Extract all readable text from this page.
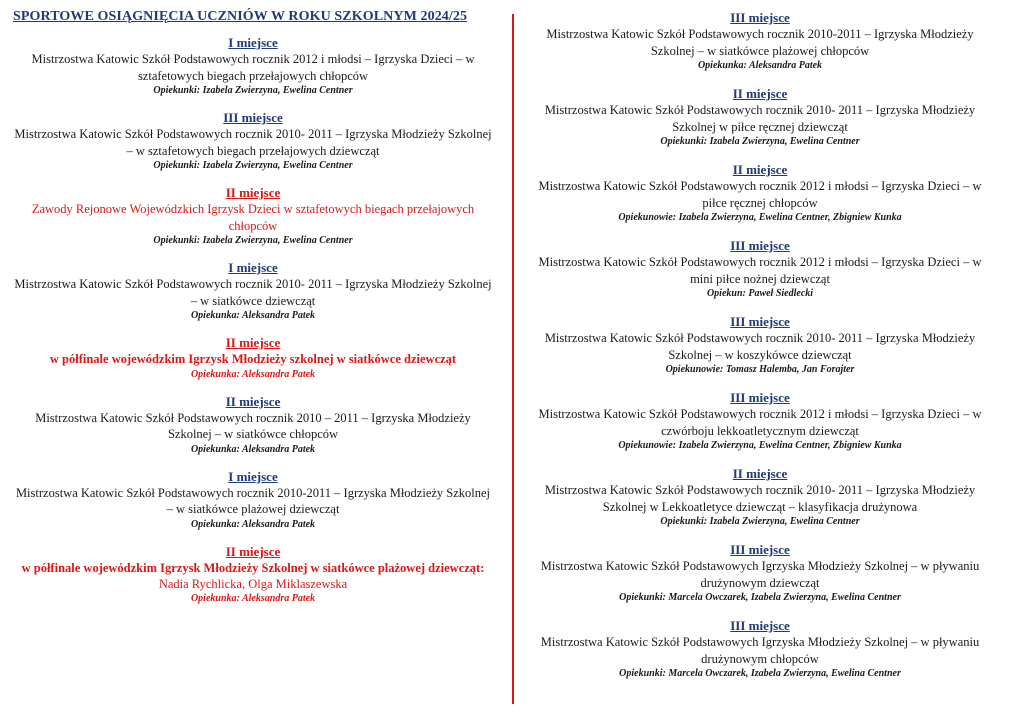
SPORTOWE OSIĄGNIĘCIA UCZNIÓW W ROKU SZKOLNYM 2024/25
I miejsce
Mistrzostwa Katowic Szkół Podstawowych rocznik 2012 i młodsi – Igrzyska Dzieci – w sztafetowych biegach przełajowych chłopców
Opiekunki: Izabela Zwierzyna, Ewelina Centner
III miejsce
Mistrzostwa Katowic Szkół Podstawowych rocznik 2010- 2011 – Igrzyska Młodzieży Szkolnej – w sztafetowych biegach przełajowych dziewcząt
Opiekunki: Izabela Zwierzyna, Ewelina Centner
II miejsce
Zawody Rejonowe Wojewódzkich Igrzysk Dzieci w sztafetowych biegach przełajowych chłopców
Opiekunki: Izabela Zwierzyna, Ewelina Centner
I miejsce
Mistrzostwa Katowic Szkół Podstawowych rocznik 2010- 2011 – Igrzyska Młodzieży Szkolnej – w siatkówce dziewcząt
Opiekunka: Aleksandra Patek
II miejsce
w półfinale wojewódzkim Igrzysk Młodzieży szkolnej w siatkówce dziewcząt
Opiekunka: Aleksandra Patek
II miejsce
Mistrzostwa Katowic Szkół Podstawowych rocznik 2010 – 2011 – Igrzyska Młodzieży Szkolnej – w siatkówce chłopców
Opiekunka: Aleksandra Patek
I miejsce
Mistrzostwa Katowic Szkół Podstawowych rocznik 2010-2011 – Igrzyska Młodzieży Szkolnej – w siatkówce plażowej dziewcząt
Opiekunka: Aleksandra Patek
II miejsce
w półfinale wojewódzkim Igrzysk Młodzieży Szkolnej w siatkówce plażowej dziewcząt:
Nadia Rychlicka, Olga Miklaszewska
Opiekunka: Aleksandra Patek
III miejsce
Mistrzostwa Katowic Szkół Podstawowych rocznik 2010-2011 – Igrzyska Młodzieży Szkolnej – w siatkówce plażowej chłopców
Opiekunka: Aleksandra Patek
II miejsce
Mistrzostwa Katowic Szkół Podstawowych rocznik 2010- 2011 – Igrzyska Młodzieży Szkolnej w piłce ręcznej dziewcząt
Opiekunki: Izabela Zwierzyna, Ewelina Centner
II miejsce
Mistrzostwa Katowic Szkół Podstawowych rocznik 2012 i młodsi – Igrzyska Dzieci – w piłce ręcznej chłopców
Opiekunowie: Izabela Zwierzyna, Ewelina Centner, Zbigniew Kunka
III miejsce
Mistrzostwa Katowic Szkół Podstawowych rocznik 2012 i młodsi – Igrzyska Dzieci – w mini piłce nożnej dziewcząt
Opiekun: Paweł Siedlecki
III miejsce
Mistrzostwa Katowic Szkół Podstawowych rocznik 2010- 2011 – Igrzyska Młodzieży Szkolnej – w koszykówce dziewcząt
Opiekunowie: Tomasz Halemba, Jan Forajter
III miejsce
Mistrzostwa Katowic Szkół Podstawowych rocznik 2012 i młodsi – Igrzyska Dzieci – w czwórboju lekkoatletycznym dziewcząt
Opiekunowie: Izabela Zwierzyna, Ewelina Centner, Zbigniew Kunka
II miejsce
Mistrzostwa Katowic Szkół Podstawowych rocznik 2010- 2011 – Igrzyska Młodzieży Szkolnej w Lekkoatletyce dziewcząt – klasyfikacja drużynowa
Opiekunki: Izabela Zwierzyna, Ewelina Centner
III miejsce
Mistrzostwa Katowic Szkół Podstawowych Igrzyska Młodzieży Szkolnej – w pływaniu drużynowym dziewcząt
Opiekunki: Marcela Owczarek, Izabela Zwierzyna, Ewelina Centner
III miejsce
Mistrzostwa Katowic Szkół Podstawowych Igrzyska Młodzieży Szkolnej – w pływaniu drużynowym chłopców
Opiekunki: Marcela Owczarek, Izabela Zwierzyna, Ewelina Centner
